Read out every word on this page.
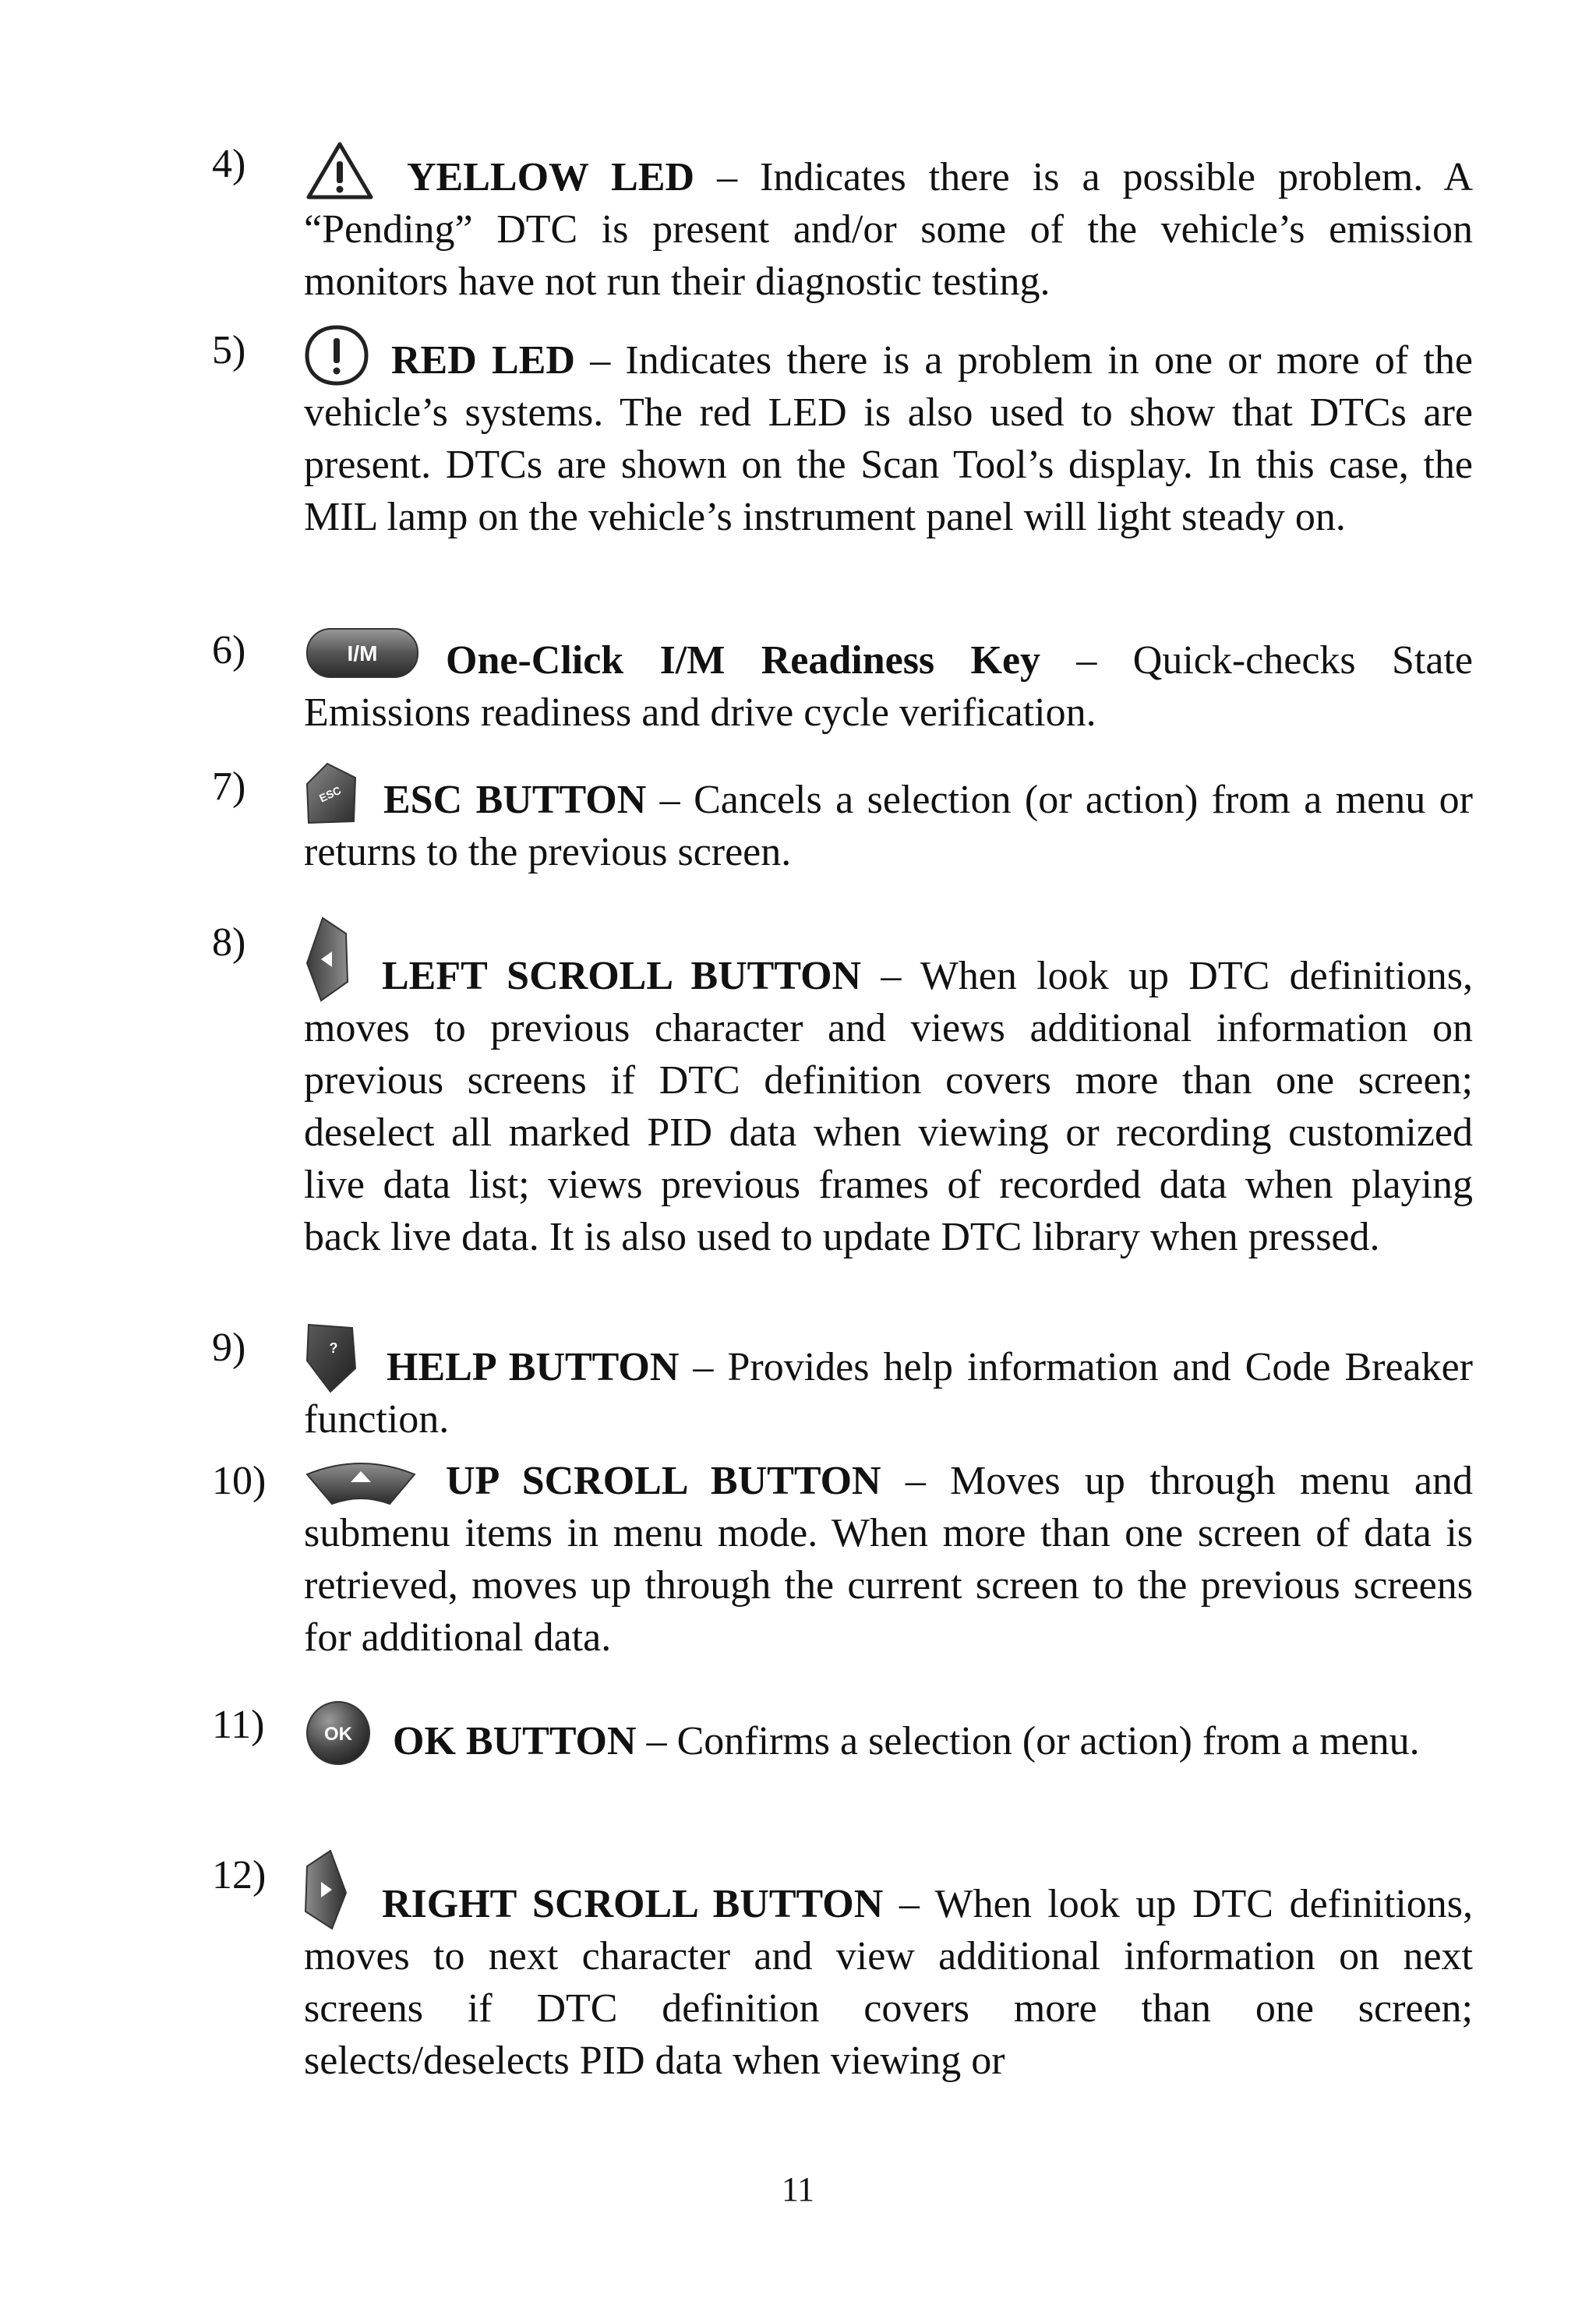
4)	YELLOW LED – Indicates there is a possible problem. A “Pending” DTC is present and/or some of the vehicle’s emission monitors have not run their diagnostic testing.
5)	RED LED – Indicates there is a problem in one or more of the vehicle’s systems. The red LED is also used to show that DTCs are present. DTCs are shown on the Scan Tool’s display. In this case, the MIL lamp on the vehicle’s instrument panel will light steady on.
6)	I/M One-Click I/M Readiness Key – Quick-checks State Emissions readiness and drive cycle verification.
7)	ESC ESC BUTTON – Cancels a selection (or action) from a menu or returns to the previous screen.
8)
LEFT SCROLL BUTTON – When look up DTC definitions, moves to previous character and views additional information on previous screens if DTC definition covers more than one screen; deselect all marked PID data when viewing or recording customized live data list; views previous frames of recorded data when playing back live data. It is also used to update DTC library when pressed.
9)	? HELP BUTTON – Provides help information and Code Breaker function.
10)	UP SCROLL BUTTON – Moves up through menu and submenu items in menu mode. When more than one screen of data is retrieved, moves up through the current screen to the previous screens for additional data.
11)	OK OK BUTTON – Confirms a selection (or action) from a menu.
12)
RIGHT SCROLL BUTTON – When look up DTC definitions, moves to next character and view additional information on next screens if DTC definition covers more than one screen; selects/deselects PID data when viewing or
11
